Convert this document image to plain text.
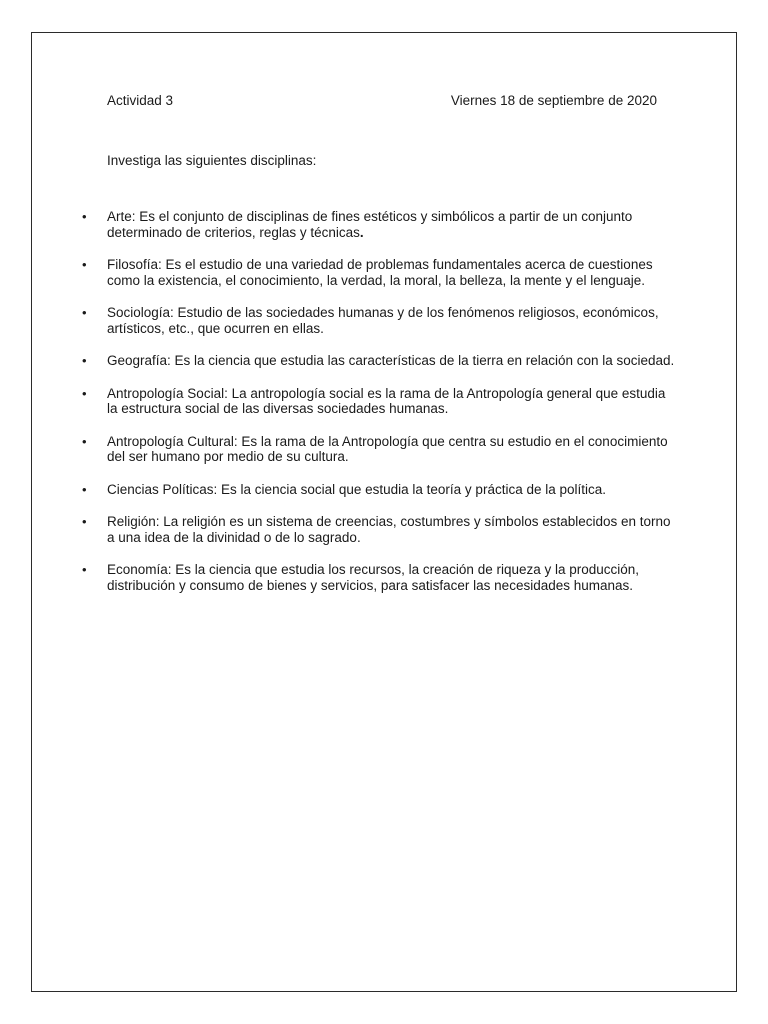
Actividad 3	Viernes 18 de septiembre de 2020
Investiga las siguientes disciplinas:
• Arte: Es el conjunto de disciplinas de fines estéticos y simbólicos a partir de un conjunto determinado de criterios, reglas y técnicas.
• Filosofía: Es el estudio de una variedad de problemas fundamentales acerca de cuestiones como la existencia, el conocimiento, la verdad, la moral, la belleza, la mente y el lenguaje.
• Sociología: Estudio de las sociedades humanas y de los fenómenos religiosos, económicos, artísticos, etc., que ocurren en ellas.
• Geografía: Es la ciencia que estudia las características de la tierra en relación con la sociedad.
• Antropología Social: La antropología social es la rama de la Antropología general que estudia la estructura social de las diversas sociedades humanas.
• Antropología Cultural: Es la rama de la Antropología que centra su estudio en el conocimiento del ser humano por medio de su cultura.
• Ciencias Políticas: Es la ciencia social que estudia la teoría y práctica de la política.
• Religión: La religión es un sistema de creencias, costumbres y símbolos establecidos en torno a una idea de la divinidad o de lo sagrado.
• Economía: Es la ciencia que estudia los recursos, la creación de riqueza y la producción, distribución y consumo de bienes y servicios, para satisfacer las necesidades humanas.
